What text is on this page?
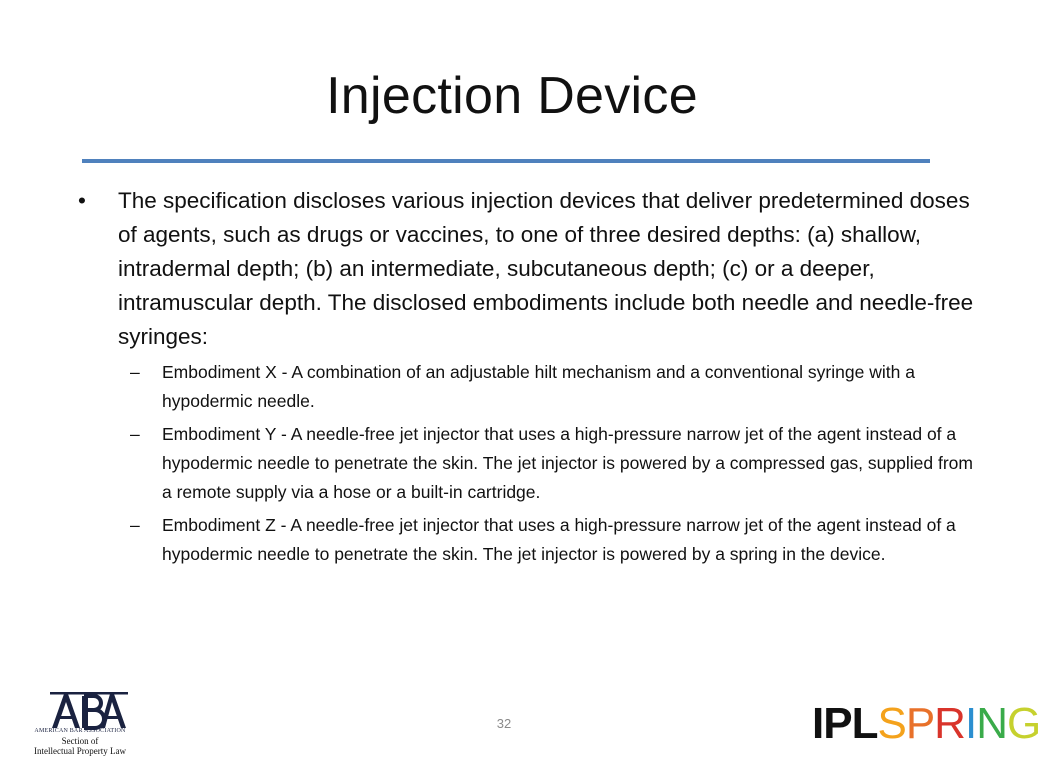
Injection Device
•	The specification discloses various injection devices that deliver predetermined doses of agents, such as drugs or vaccines, to one of three desired depths: (a) shallow, intradermal depth; (b) an intermediate, subcutaneous depth; (c) or a deeper, intramuscular depth. The disclosed embodiments include both needle and needle-free syringes:
– Embodiment X - A combination of an adjustable hilt mechanism and a conventional syringe with a hypodermic needle.
– Embodiment Y - A needle-free jet injector that uses a high-pressure narrow jet of the agent instead of a hypodermic needle to penetrate the skin. The jet injector is powered by a compressed gas, supplied from a remote supply via a hose or a built-in cartridge.
– Embodiment Z - A needle-free jet injector that uses a high-pressure narrow jet of the agent instead of a hypodermic needle to penetrate the skin. The jet injector is powered by a spring in the device.
32
AMERICAN BAR ASSOCIATION
Section of
Intellectual Property Law
IPLSPRING
